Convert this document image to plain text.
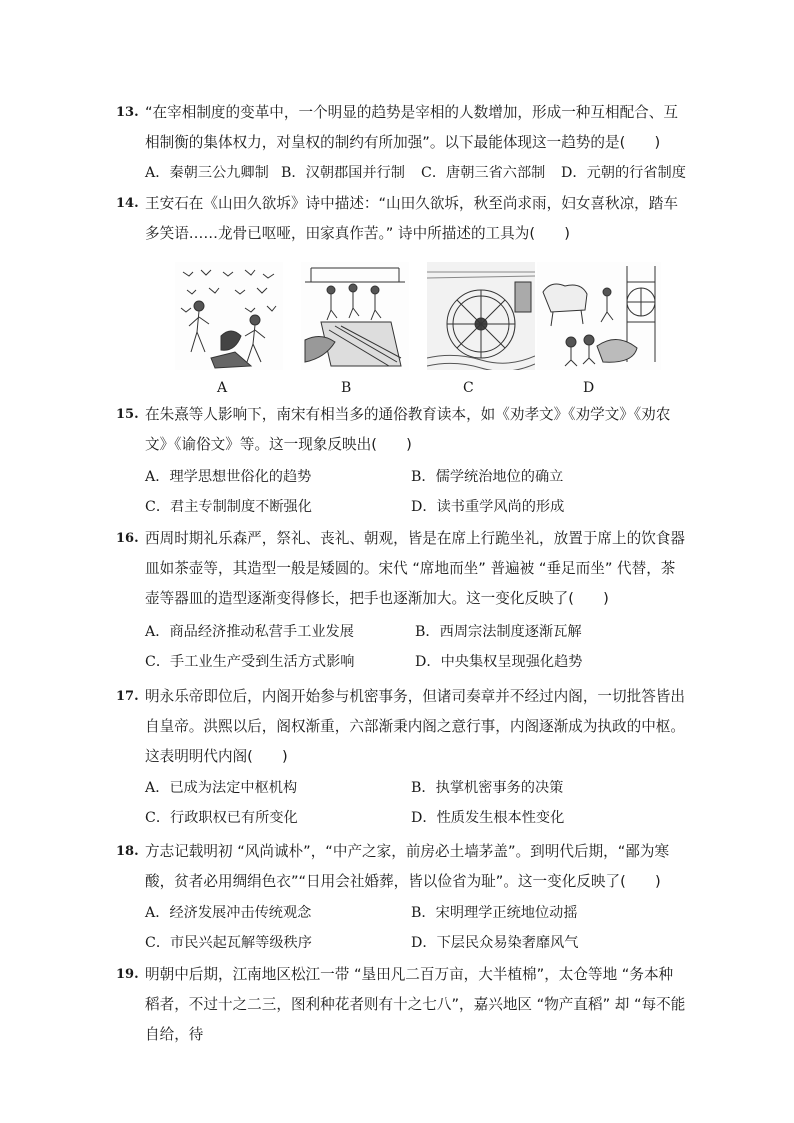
13. “在宰相制度的变革中，一个明显的趋势是宰相的人数增加，形成一种互相配合、互相制衡的集体权力，对皇权的制约有所加强”。以下最能体现这一趋势的是(　　)
A．秦朝三公九卿制 B．汉朝郡国并行制 C．唐朝三省六部制 D．元朝的行省制度
14. 王安石在《山田久欲坼》诗中描述：“山田久欲坼，秋至尚求雨，妇女喜秋凉，踏车多笑语……龙骨已呕哑，田家真作苦。” 诗中所描述的工具为(　　)
A	B	C	D
15. 在朱熹等人影响下，南宋有相当多的通俗教育读本，如《劝孝文》《劝学文》《劝农文》《谕俗文》等。这一现象反映出(　　)
A．理学思想世俗化的趋势	B．儒学统治地位的确立
C．君主专制制度不断强化	D．读书重学风尚的形成
16. 西周时期礼乐森严，祭礼、丧礼、朝观，皆是在席上行跪坐礼，放置于席上的饮食器皿如茶壶等，其造型一般是矮圆的。宋代 “席地而坐” 普遍被 “垂足而坐” 代替，茶壶等器皿的造型逐渐变得修长，把手也逐渐加大。这一变化反映了(　　)
A．商品经济推动私营手工业发展	B．西周宗法制度逐渐瓦解
C．手工业生产受到生活方式影响	D．中央集权呈现强化趋势
17. 明永乐帝即位后，内阁开始参与机密事务，但诸司奏章并不经过内阁，一切批答皆出自皇帝。洪熙以后，阁权渐重，六部渐秉内阁之意行事，内阁逐渐成为执政的中枢。这表明明代内阁(　　)
A．已成为法定中枢机构	B．执掌机密事务的决策
C．行政职权已有所变化	D．性质发生根本性变化
18. 方志记载明初 “风尚诚朴”，“中产之家，前房必土墙茅盖”。到明代后期，“鄙为寒酸，贫者必用绸绢色衣”“日用会社婚葬，皆以俭省为耻”。这一变化反映了(　　)
A．经济发展冲击传统观念	B．宋明理学正统地位动摇
C．市民兴起瓦解等级秩序	D．下层民众易染奢靡风气
19. 明朝中后期，江南地区松江一带 “垦田凡二百万亩，大半植棉”，太仓等地 “务本种稻者，不过十之二三，图利种花者则有十之七八”，嘉兴地区 “物产直稻” 却 “每不能自给，待
